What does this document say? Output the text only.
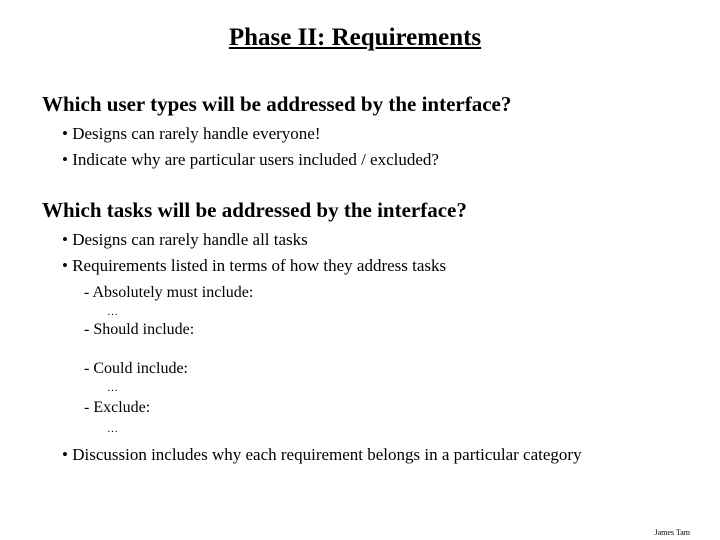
Phase II: Requirements
Which user types will be addressed by the interface?
• Designs can rarely handle everyone!
• Indicate why are particular users included / excluded?
Which tasks will be addressed by the interface?
• Designs can rarely handle all tasks
• Requirements listed in terms of how they address tasks
- Absolutely must include:
…
- Should include:
- Could include:
…
- Exclude:
…
• Discussion includes why each requirement belongs in a particular category
James Tam
